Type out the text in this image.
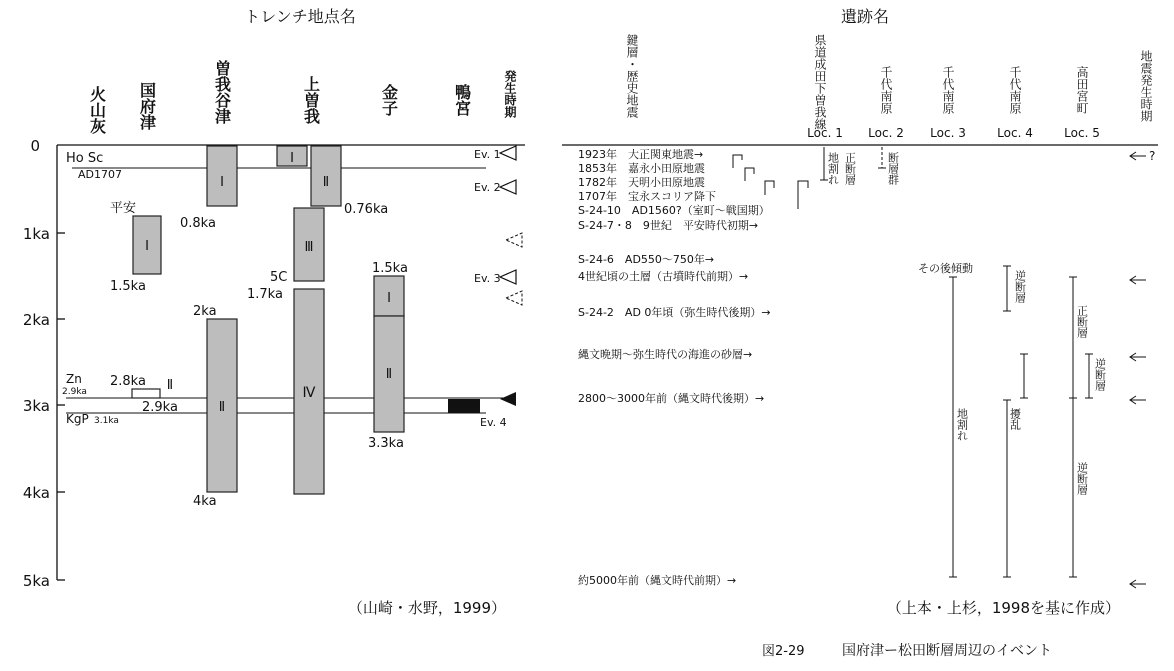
トレンチ地点名
火山灰 国府津	曽我谷津	上曽我	金子	鴨宮	発生時期
0
1ka
2ka
3ka
4ka
5ka
Ho Sc
AD1707
Zn
2.9ka
KgP 3.1ka
平安
Ⅰ
1.5ka
2.8ka Ⅱ
2.9ka
Ⅰ
0.8ka
Ⅱ
2ka
4ka
Ⅰ
Ⅱ
0.76ka
Ⅲ
5C
Ⅳ
1.7ka
1.5ka
Ⅰ
Ⅱ
3.3ka
Ev. 1
Ev. 2
Ev. 3
Ev. 4
（山崎・水野，1999）
遺跡名
鍵層・歴史地震	県道成田下曽我線
Loc. 1
千代南原
Loc. 2
千代南原
Loc. 3
千代南原
Loc. 4
高田宮町
Loc. 5
地震発生時期
1923年　大正関東地震→
1853年　嘉永小田原地震
1782年　天明小田原地震
1707年　宝永スコリア降下
S-24-10　AD1560?（室町～戦国期）
S-24-7・8　9世紀　平安時代初期→
S-24-6　AD550～750年→
4世紀頃の土層（古墳時代前期）→
S-24-2　AD 0年頃（弥生時代後期）→
縄文晩期～弥生時代の海進の砂層→
2800～3000年前（縄文時代後期）→
約5000年前（縄文時代前期）→
地割れ 正断層	断層群
その後傾動
地割れ
逆断層
擾乱
正断層
逆断層
逆断層
?
（上本・上杉，1998を基に作成）
図2-29	国府津ー松田断層周辺のイベント
